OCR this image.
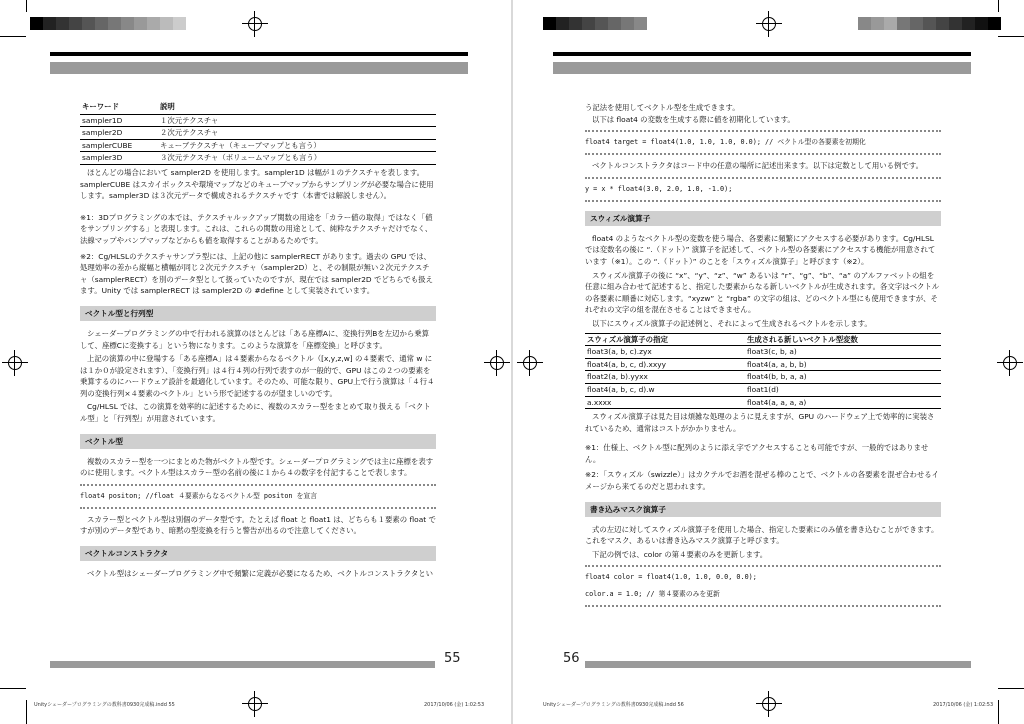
キーワード	説明
sampler1D	１次元テクスチャ
sampler2D	２次元テクスチャ
samplerCUBE	キューブテクスチャ（キューブマップとも言う）
sampler3D	３次元テクスチャ（ボリュームマップとも言う）

ほとんどの場合において sampler2D を使用します。sampler1D は幅が１のテクスチャを表します。samplerCUBE はスカイボックスや環境マップなどのキューブマップからサンプリングが必要な場合に使用します。sampler3D は３次元データで構成されるテクスチャです（本書では解説しません）。

※1：3Dプログラミングの本では、テクスチャルックアップ関数の用途を「カラー値の取得」ではなく「値をサンプリングする」と表現します。これは、これらの関数の用途として、純粋なテクスチャだけでなく、法線マップやバンプマップなどからも値を取得することがあるためです。

※2：Cg/HLSLのテクスチャサンプラ型には、上記の他に samplerRECT があります。過去の GPU では、処理効率の差から縦幅と横幅が同じ２次元テクスチャ（sampler2D）と、その制限が無い２次元テクスチャ（samplerRECT）を別のデータ型として扱っていたのですが、現在では sampler2D でどちらでも扱えます。Unity では samplerRECT は sampler2D の #define として実装されています。

ベクトル型と行列型

シェーダープログラミングの中で行われる演算のほとんどは「ある座標Aに、変換行列Bを左辺から乗算して、座標Cに変換する」という物になります。このような演算を「座標変換」と呼びます。

上記の演算の中に登場する「ある座標A」は４要素からなるベクトル（[x,y,z,w] の４要素で、通常 w には１か０が設定されます）、「変換行列」は４行４列の行列で表すのが一般的で、GPU はこの２つの要素を乗算するのにハードウェア設計を最適化しています。そのため、可能な限り、GPU上で行う演算は「４行４列の変換行列×４要素のベクトル」という形で記述するのが望ましいのです。

Cg/HLSL では、この演算を効率的に記述するために、複数のスカラー型をまとめて取り扱える「ベクトル型」と「行列型」が用意されています。

ベクトル型

複数のスカラー型を一つにまとめた物がベクトル型です。シェーダープログラミングでは主に座標を表すのに使用します。ベクトル型はスカラー型の名前の後に１から４の数字を付記することで表します。

float4 positon; //float ４要素からなるベクトル型 positon を宣言

スカラー型とベクトル型は別個のデータ型です。たとえば float と float1 は、どちらも１要素の float ですが別のデータ型であり、暗黙の型変換を行うと警告が出るので注意してください。

ベクトルコンストラクタ

ベクトル型はシェーダープログラミング中で頻繁に定義が必要になるため、ベクトルコンストラクタとい

55
Unityシェーダープログラミングの教科書0930完成稿.indd 55	2017/10/06 (金) 1:02:53

う記法を使用してベクトル型を生成できます。

以下は float4 の変数を生成する際に値を初期化しています。

float4 target = float4(1.0, 1.0, 1.0, 0.0); // ベクトル型の各要素を初期化

ベクトルコンストラクタはコード中の任意の場所に記述出来ます。以下は定数として用いる例です。

y = x * float4(3.0, 2.0, 1.0, -1.0);
スウィズル演算子

float4 のようなベクトル型の変数を使う場合、各要素に頻繁にアクセスする必要があります。Cg/HLSL では変数名の後に “.（ドット）” 演算子を記述して、ベクトル型の各要素にアクセスする機能が用意されています（※1）。この “.（ドット）” のことを「スウィズル演算子」と呼びます（※2）。

スウィズル演算子の後に “x”、“y”、“z”、“w” あるいは “r”、“g”、“b”、“a” のアルファベットの組を任意に組み合わせて記述すると、指定した要素からなる新しいベクトルが生成されます。各文字はベクトルの各要素に順番に対応します。“xyzw” と “rgba” の文字の組は、どのベクトル型にも使用できますが、それぞれの文字の組を混在させることはできません。

以下にスウィズル演算子の記述例と、それによって生成されるベクトルを示します。

スウィズル演算子の指定	生成される新しいベクトル型変数
float3(a, b, c).zyx	float3(c, b, a)
float4(a, b, c, d).xxyy	float4(a, a, b, b)
float2(a, b).yyxx	float4(b, b, a, a)
float4(a, b, c, d).w	float1(d)
a.xxxx	float4(a, a, a, a)

スウィズル演算子は見た目は煩雑な処理のように見えますが、GPU のハードウェア上で効率的に実装されているため、通常はコストがかかりません。

※1：仕様上、ベクトル型に配列のように添え字でアクセスすることも可能ですが、一般的ではありません。

※2：「スウィズル（swizzle）」はカクテルでお酒を混ぜる棒のことで、ベクトルの各要素を混ぜ合わせるイメージから来てるのだと思われます。

書き込みマスク演算子

式の左辺に対してスウィズル演算子を使用した場合、指定した要素にのみ値を書き込むことができます。これをマスク、あるいは書き込みマスク演算子と呼びます。

下記の例では、color の第４要素のみを更新します。

float4 color = float4(1.0, 1.0, 0.0, 0.0);
color.a = 1.0; // 第４要素のみを更新
56
Unityシェーダープログラミングの教科書0930完成稿.indd 56	2017/10/06 (金) 1:02:53
